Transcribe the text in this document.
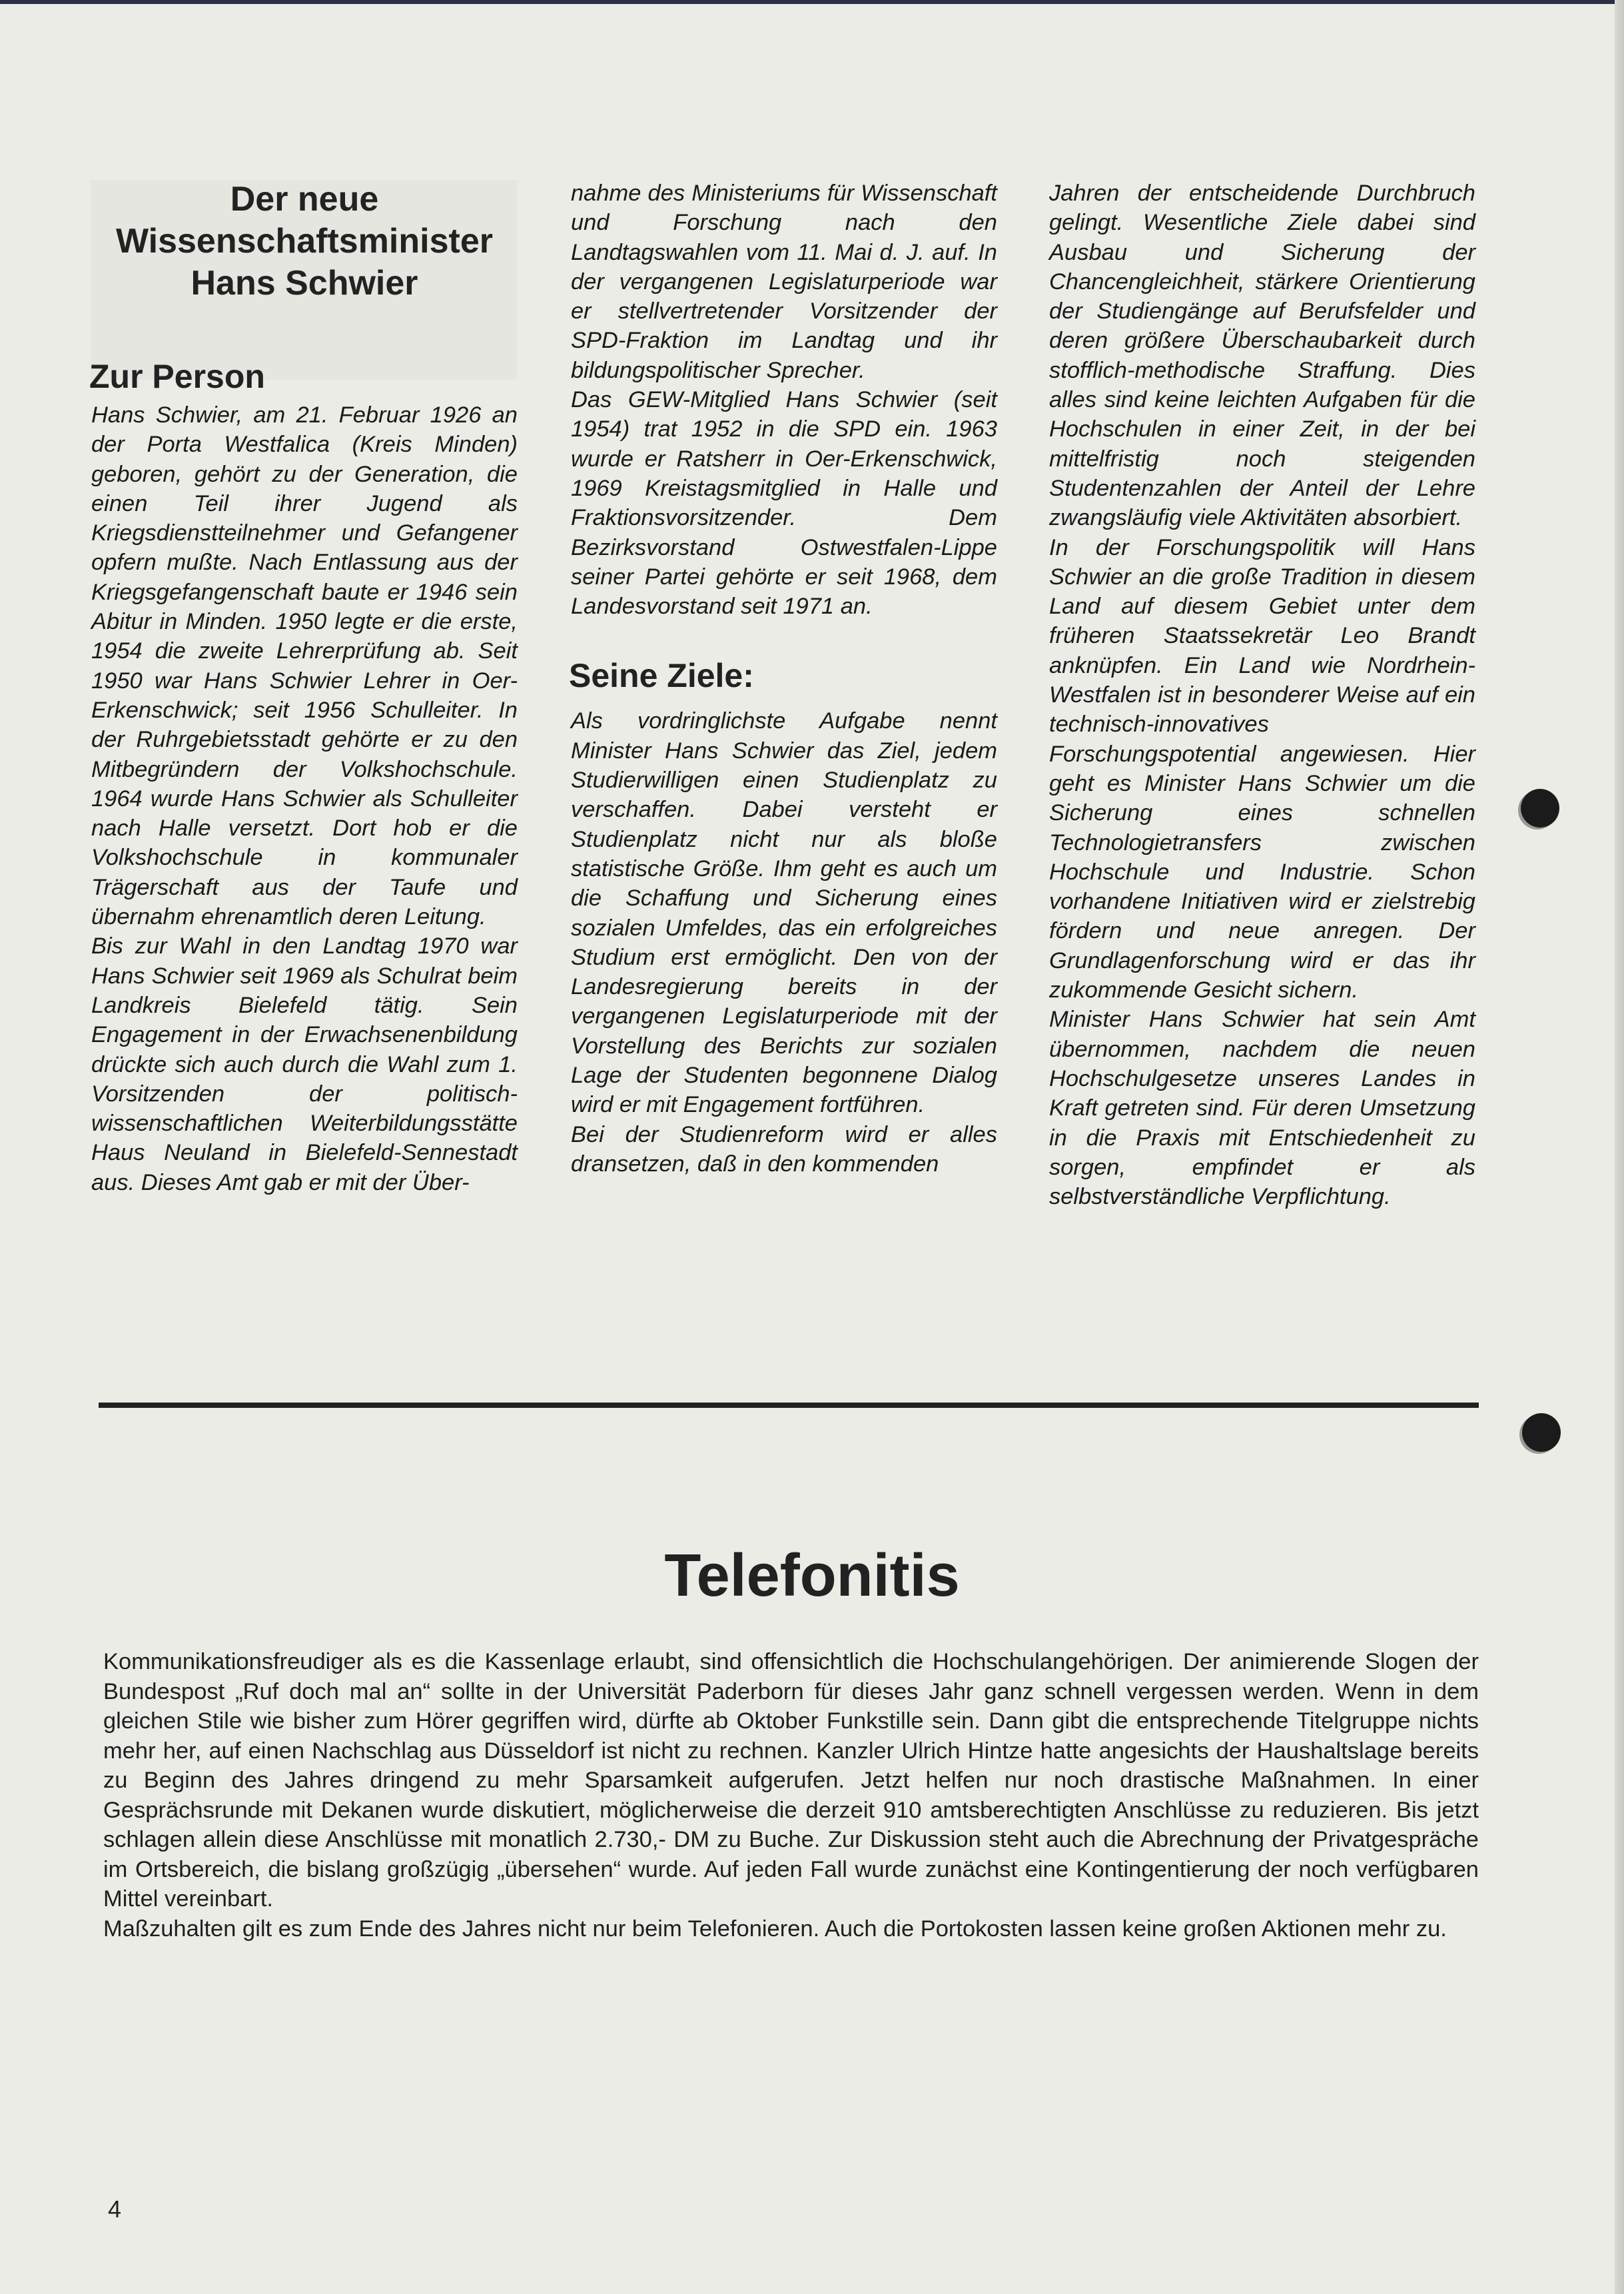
Der neue
Wissenschaftsminister
Hans Schwier
Zur Person

Hans Schwier, am 21. Februar 1926 an der Porta Westfalica (Kreis Minden) geboren, gehört zu der Generation, die einen Teil ihrer Jugend als Kriegsdienstteilnehmer und Gefangener opfern mußte. Nach Entlassung aus der Kriegsgefangenschaft baute er 1946 sein Abitur in Minden. 1950 legte er die erste, 1954 die zweite Lehrerprüfung ab. Seit 1950 war Hans Schwier Lehrer in Oer-Erkenschwick; seit 1956 Schulleiter. In der Ruhrgebietsstadt gehörte er zu den Mitbegründern der Volkshochschule. 1964 wurde Hans Schwier als Schulleiter nach Halle versetzt. Dort hob er die Volkshochschule in kommunaler Trägerschaft aus der Taufe und übernahm ehrenamtlich deren Leitung.

Bis zur Wahl in den Landtag 1970 war Hans Schwier seit 1969 als Schulrat beim Landkreis Bielefeld tätig. Sein Engagement in der Erwachsenenbildung drückte sich auch durch die Wahl zum 1. Vorsitzenden der politisch-wissenschaftlichen Weiterbildungsstätte Haus Neuland in Bielefeld-Sennestadt aus. Dieses Amt gab er mit der Über-

nahme des Ministeriums für Wissenschaft und Forschung nach den Landtagswahlen vom 11. Mai d. J. auf. In der vergangenen Legislaturperiode war er stellvertretender Vorsitzender der SPD-Fraktion im Landtag und ihr bildungspolitischer Sprecher.

Das GEW-Mitglied Hans Schwier (seit 1954) trat 1952 in die SPD ein. 1963 wurde er Ratsherr in Oer-Erkenschwick, 1969 Kreistagsmitglied in Halle und Fraktionsvorsitzender. Dem Bezirksvorstand Ostwestfalen-Lippe seiner Partei gehörte er seit 1968, dem Landesvorstand seit 1971 an.

Seine Ziele:

Als vordringlichste Aufgabe nennt Minister Hans Schwier das Ziel, jedem Studierwilligen einen Studienplatz zu verschaffen. Dabei versteht er Studienplatz nicht nur als bloße statistische Größe. Ihm geht es auch um die Schaffung und Sicherung eines sozialen Umfeldes, das ein erfolgreiches Studium erst ermöglicht. Den von der Landesregierung bereits in der vergangenen Legislaturperiode mit der Vorstellung des Berichts zur sozialen Lage der Studenten begonnene Dialog wird er mit Engagement fortführen.

Bei der Studienreform wird er alles dransetzen, daß in den kommenden

Jahren der entscheidende Durchbruch gelingt. Wesentliche Ziele dabei sind Ausbau und Sicherung der Chancengleichheit, stärkere Orientierung der Studiengänge auf Berufsfelder und deren größere Überschaubarkeit durch stofflich-methodische Straffung. Dies alles sind keine leichten Aufgaben für die Hochschulen in einer Zeit, in der bei mittelfristig noch steigenden Studentenzahlen der Anteil der Lehre zwangsläufig viele Aktivitäten absorbiert.

In der Forschungspolitik will Hans Schwier an die große Tradition in diesem Land auf diesem Gebiet unter dem früheren Staatssekretär Leo Brandt anknüpfen. Ein Land wie Nordrhein-Westfalen ist in besonderer Weise auf ein technisch-innovatives Forschungspotential angewiesen. Hier geht es Minister Hans Schwier um die Sicherung eines schnellen Technologietransfers zwischen Hochschule und Industrie. Schon vorhandene Initiativen wird er zielstrebig fördern und neue anregen. Der Grundlagenforschung wird er das ihr zukommende Gesicht sichern.

Minister Hans Schwier hat sein Amt übernommen, nachdem die neuen Hochschulgesetze unseres Landes in Kraft getreten sind. Für deren Umsetzung in die Praxis mit Entschiedenheit zu sorgen, empfindet er als selbstverständliche Verpflichtung.

Telefonitis

Kommunikationsfreudiger als es die Kassenlage erlaubt, sind offensichtlich die Hochschulangehörigen. Der animierende Slogen der Bundespost „Ruf doch mal an“ sollte in der Universität Paderborn für dieses Jahr ganz schnell vergessen werden. Wenn in dem gleichen Stile wie bisher zum Hörer gegriffen wird, dürfte ab Oktober Funkstille sein. Dann gibt die entsprechende Titelgruppe nichts mehr her, auf einen Nachschlag aus Düsseldorf ist nicht zu rechnen. Kanzler Ulrich Hintze hatte angesichts der Haushaltslage bereits zu Beginn des Jahres dringend zu mehr Sparsamkeit aufgerufen. Jetzt helfen nur noch drastische Maßnahmen. In einer Gesprächsrunde mit Dekanen wurde diskutiert, möglicherweise die derzeit 910 amtsberechtigten Anschlüsse zu reduzieren. Bis jetzt schlagen allein diese Anschlüsse mit monatlich 2.730,- DM zu Buche. Zur Diskussion steht auch die Abrechnung der Privatgespräche im Ortsbereich, die bislang großzügig „übersehen“ wurde. Auf jeden Fall wurde zunächst eine Kontingentierung der noch verfügbaren Mittel vereinbart.

Maßzuhalten gilt es zum Ende des Jahres nicht nur beim Telefonieren. Auch die Portokosten lassen keine großen Aktionen mehr zu.

4
